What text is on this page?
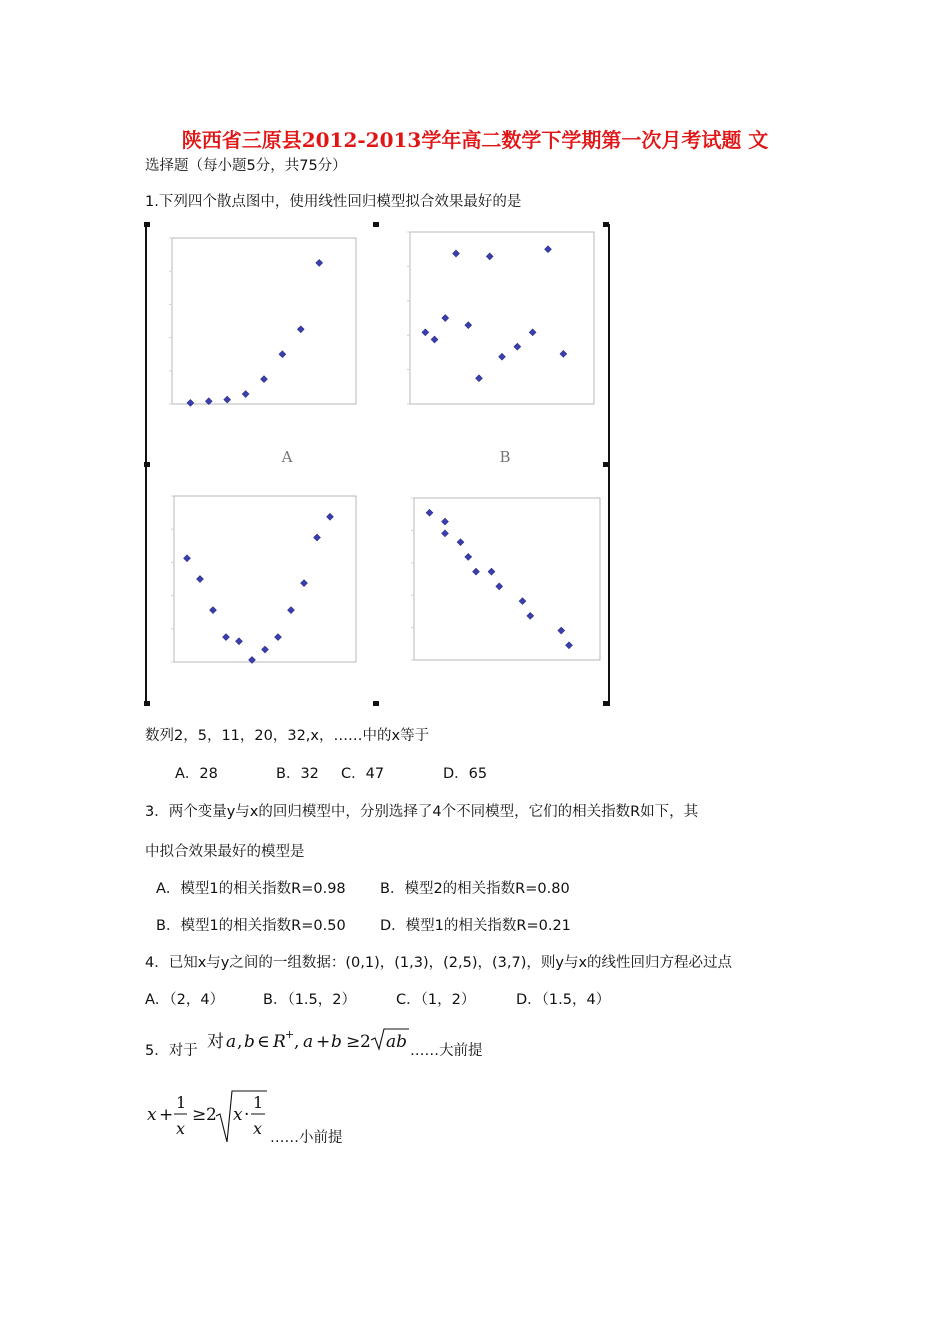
陕西省三原县2012-2013学年高二数学下学期第一次月考试题 文
选择题（每小题5分，共75分）
1.下列四个散点图中，使用线性回归模型拟合效果最好的是
A	B
数列2，5，11，20，32,x，……中的x等于
A．28	B．32 C．47	D．65
3．两个变量y与x的回归模型中，分别选择了4个不同模型，它们的相关指数R如下，其
中拟合效果最好的模型是
A．模型1的相关指数R=0.98 B．模型2的相关指数R=0.80
B．模型1的相关指数R=0.50 D．模型1的相关指数R=0.21
4．已知x与y之间的一组数据：(0,1)，(1,3)，(2,5)，(3,7)，则y与x的线性回归方程必过点
A．（2，4）	B．（1.5，2）	C．（1，2）	D．（1.5，4）
5．对于 对 a , b ∈ R + , a + b ≥ 2 ab ……大前提
x +
1
x
≥ 2 x ·
1
x ……小前提
